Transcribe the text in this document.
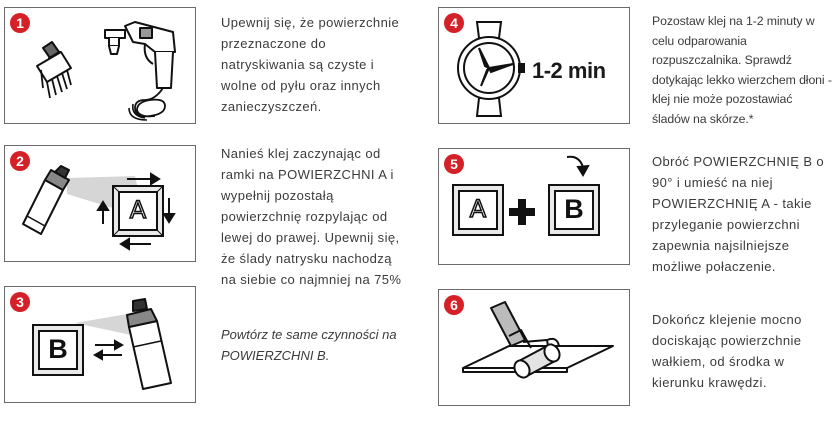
1	Upewnij się, że powierzchnie przeznaczone do natryskiwania są czyste i wolne od pyłu oraz innych zanieczyszczeń.

2
A

Nanieś klej zaczynając od ramki na POWIERZCHNI A i wypełnij pozostałą powierzchnię rozpylając od lewej do prawej. Upewnij się, że ślady natrysku nachodzą na siebie co najmniej na 75%

3
B	Powtórz te same czynności na POWIERZCHNI B.

4
1-2 min

Pozostaw klej na 1-2 minuty w celu odparowania rozpuszczalnika. Sprawdź dotykając lekko wierzchem dłoni - klej nie może pozostawiać śladów na skórze.*

5
A	B

Obróć POWIERZCHNIĘ B o 90° i umieść na niej POWIERZCHNIĘ A - takie przyleganie powierzchni zapewnia najsilniejsze możliwe połaczenie.

6

Dokończ klejenie mocno dociskając powierzchnie wałkiem, od środka w kierunku krawędzi.
